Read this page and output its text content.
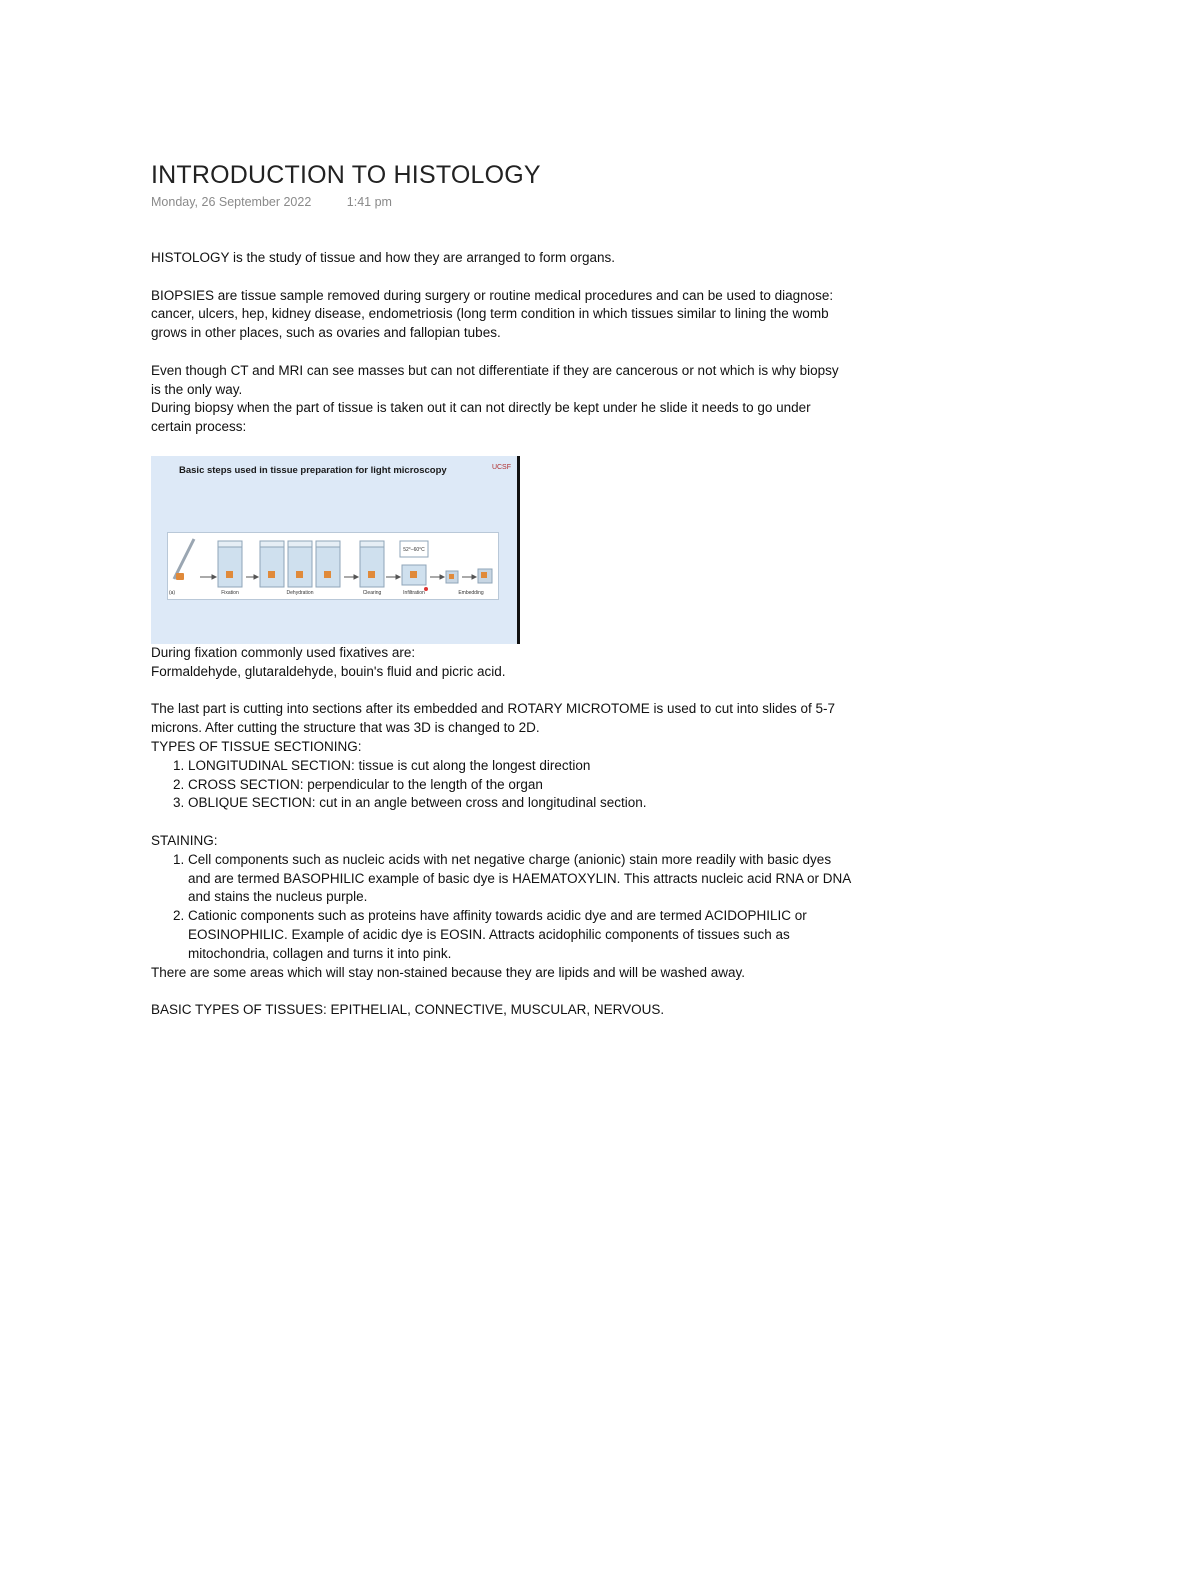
INTRODUCTION TO HISTOLOGY
Monday, 26 September 2022	1:41 pm

HISTOLOGY is the study of tissue and how they are arranged to form organs.

BIOPSIES are tissue sample removed during surgery or routine medical procedures and can be used to diagnose:

cancer, ulcers, hep, kidney disease, endometriosis (long term condition in which tissues similar to lining the womb grows in other places, such as ovaries and fallopian tubes.

Even though CT and MRI can see masses but can not differentiate if they are cancerous or not which is why biopsy is the only way.

During biopsy when the part of tissue is taken out it can not directly be kept under he slide it needs to go under certain process:

Basic steps used in tissue preparation for light microscopy	UCSF
52°–60°C
(a)	Fixation	Dehydration	Clearing	Infiltration	Embedding

During fixation commonly used fixatives are:

Formaldehyde, glutaraldehyde, bouin's fluid and picric acid.

The last part is cutting into sections after its embedded and ROTARY MICROTOME is used to cut into slides of 5-7 microns. After cutting the structure that was 3D is changed to 2D.

TYPES OF TISSUE SECTIONING:

1. LONGITUDINAL SECTION: tissue is cut along the longest direction
2. CROSS SECTION: perpendicular to the length of the organ
3. OBLIQUE SECTION: cut in an angle between cross and longitudinal section.

STAINING:

1. Cell components such as nucleic acids with net negative charge (anionic) stain more readily with basic dyes and are termed BASOPHILIC example of basic dye is HAEMATOXYLIN. This attracts nucleic acid RNA or DNA and stains the nucleus purple.
2. Cationic components such as proteins have affinity towards acidic dye and are termed ACIDOPHILIC or EOSINOPHILIC. Example of acidic dye is EOSIN. Attracts acidophilic components of tissues such as mitochondria, collagen and turns it into pink.

There are some areas which will stay non-stained because they are lipids and will be washed away.

BASIC TYPES OF TISSUES: EPITHELIAL, CONNECTIVE, MUSCULAR, NERVOUS.
